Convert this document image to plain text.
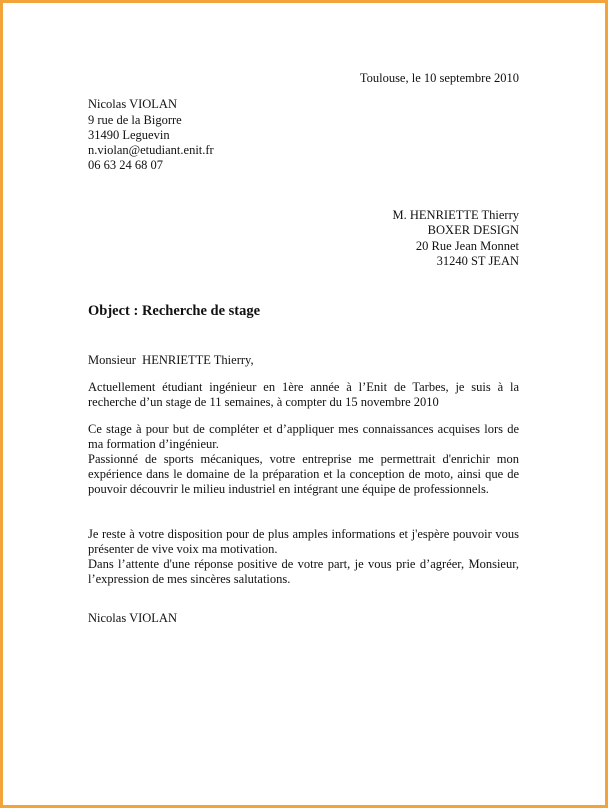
Toulouse, le 10 septembre 2010
Nicolas VIOLAN
9 rue de la Bigorre
31490 Leguevin
n.violan@etudiant.enit.fr
06 63 24 68 07
M. HENRIETTE Thierry
BOXER DESIGN
20 Rue Jean Monnet
31240 ST JEAN
Object : Recherche de stage
Monsieur  HENRIETTE Thierry,

Actuellement étudiant ingénieur en 1ère année à l’Enit de Tarbes, je suis à la recherche d’un stage de 11 semaines, à compter du 15 novembre 2010

Ce stage à pour but de compléter et d’appliquer mes connaissances acquises lors de ma formation d’ingénieur.

Passionné de sports mécaniques, votre entreprise me permettrait d'enrichir mon expérience dans le domaine de la préparation et la conception de moto, ainsi que de pouvoir découvrir le milieu industriel en intégrant une équipe de professionnels.

Je reste à votre disposition pour de plus amples informations et j'espère pouvoir vous présenter de vive voix ma motivation.

Dans l’attente d'une réponse positive de votre part, je vous prie d’agréer, Monsieur, l’expression de mes sincères salutations.

Nicolas VIOLAN
